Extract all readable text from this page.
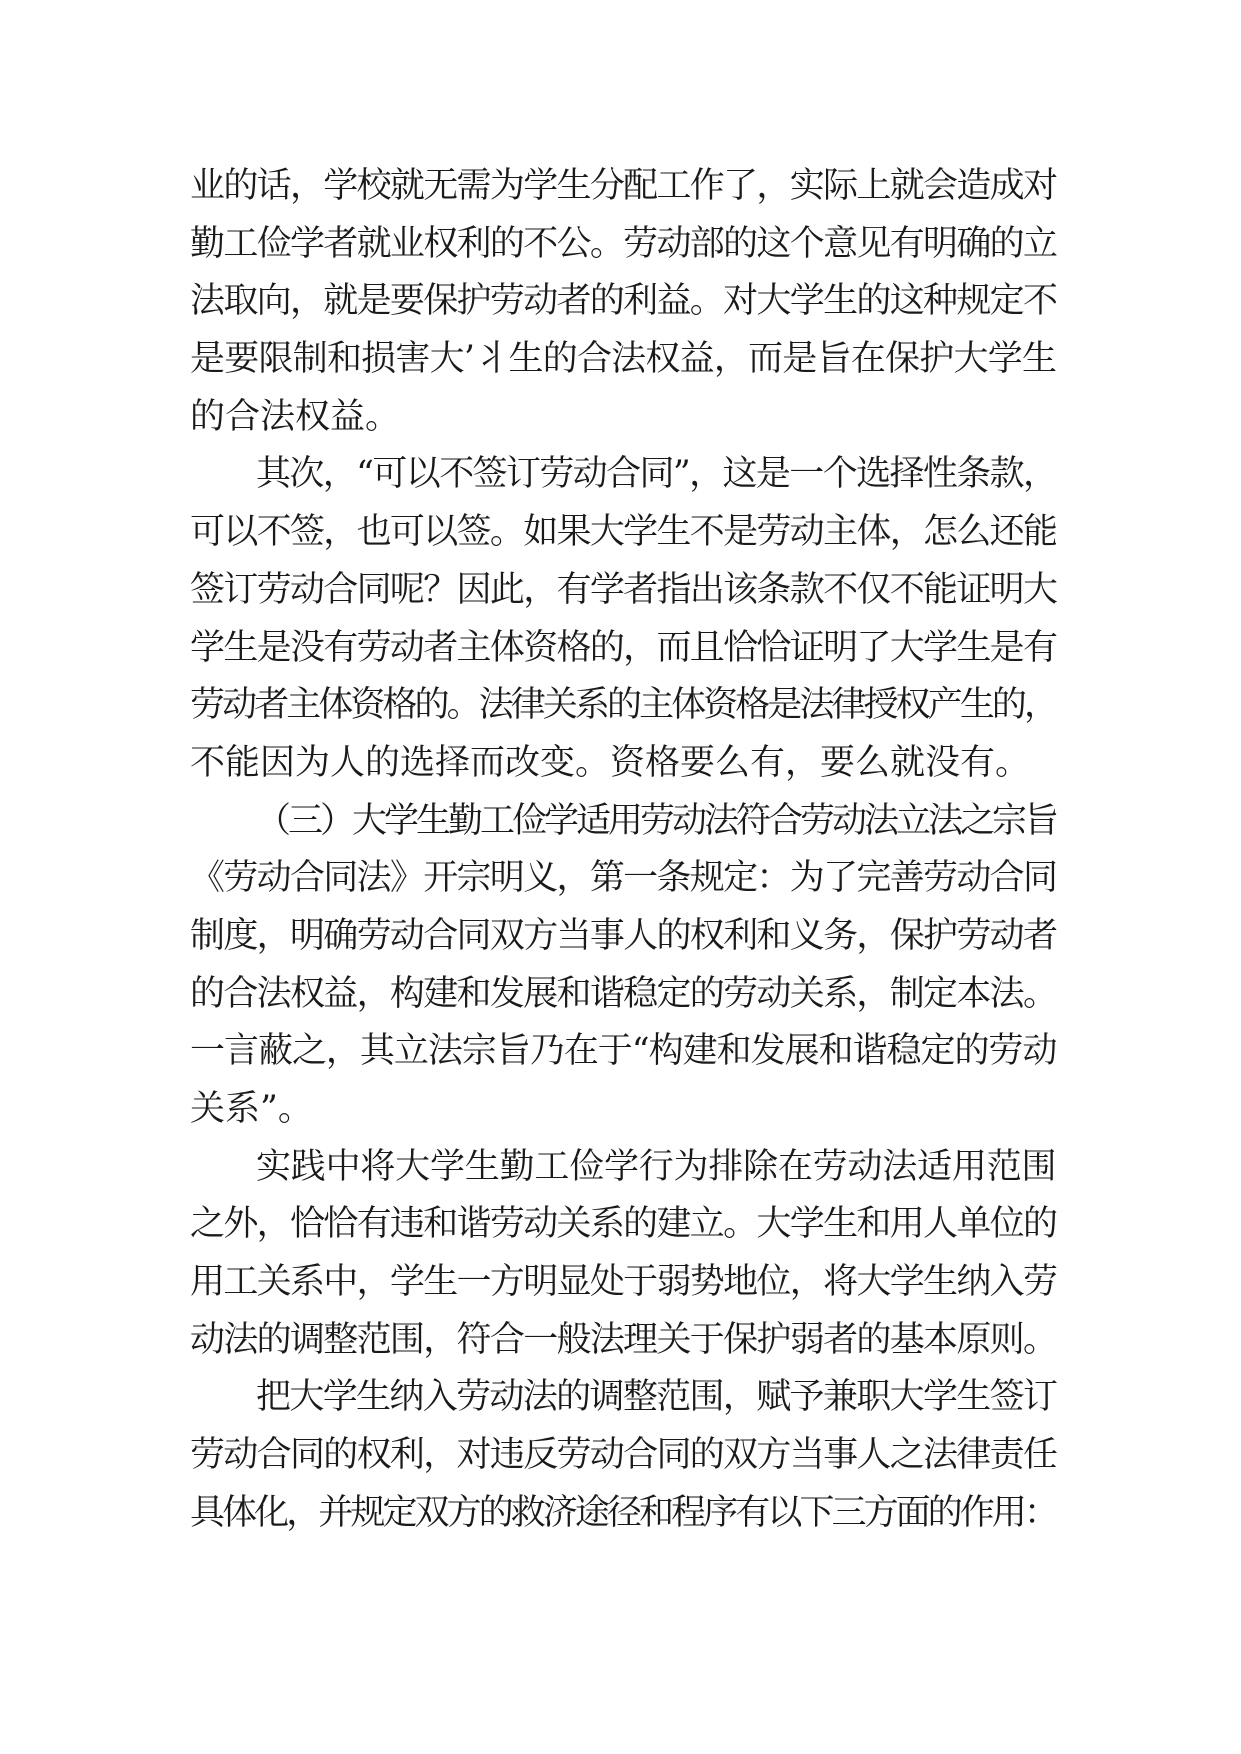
业的话，学校就无需为学生分配工作了，实际上就会造成对
勤工俭学者就业权利的不公。劳动部的这个意见有明确的立
法取向，就是要保护劳动者的利益。对大学生的这种规定不
是要限制和损害大’丬生的合法权益，而是旨在保护大学生
的合法权益。
其次，“可以不签订劳动合同”，这是一个选择性条款，
可以不签，也可以签。如果大学生不是劳动主体，怎么还能
签订劳动合同呢？因此，有学者指出该条款不仅不能证明大
学生是没有劳动者主体资格的，而且恰恰证明了大学生是有
劳动者主体资格的。法律关系的主体资格是法律授权产生的，
不能因为人的选择而改变。资格要么有，要么就没有。
（三）大学生勤工俭学适用劳动法符合劳动法立法之宗旨
《劳动合同法》开宗明义，第一条规定：为了完善劳动合同
制度，明确劳动合同双方当事人的权利和义务，保护劳动者
的合法权益，构建和发展和谐稳定的劳动关系，制定本法。
一言蔽之，其立法宗旨乃在于“构建和发展和谐稳定的劳动
关系”。
实践中将大学生勤工俭学行为排除在劳动法适用范围
之外，恰恰有违和谐劳动关系的建立。大学生和用人单位的
用工关系中，学生一方明显处于弱势地位，将大学生纳入劳
动法的调整范围，符合一般法理关于保护弱者的基本原则。
把大学生纳入劳动法的调整范围，赋予兼职大学生签订
劳动合同的权利，对违反劳动合同的双方当事人之法律责任
具体化，并规定双方的救济途径和程序有以下三方面的作用：
